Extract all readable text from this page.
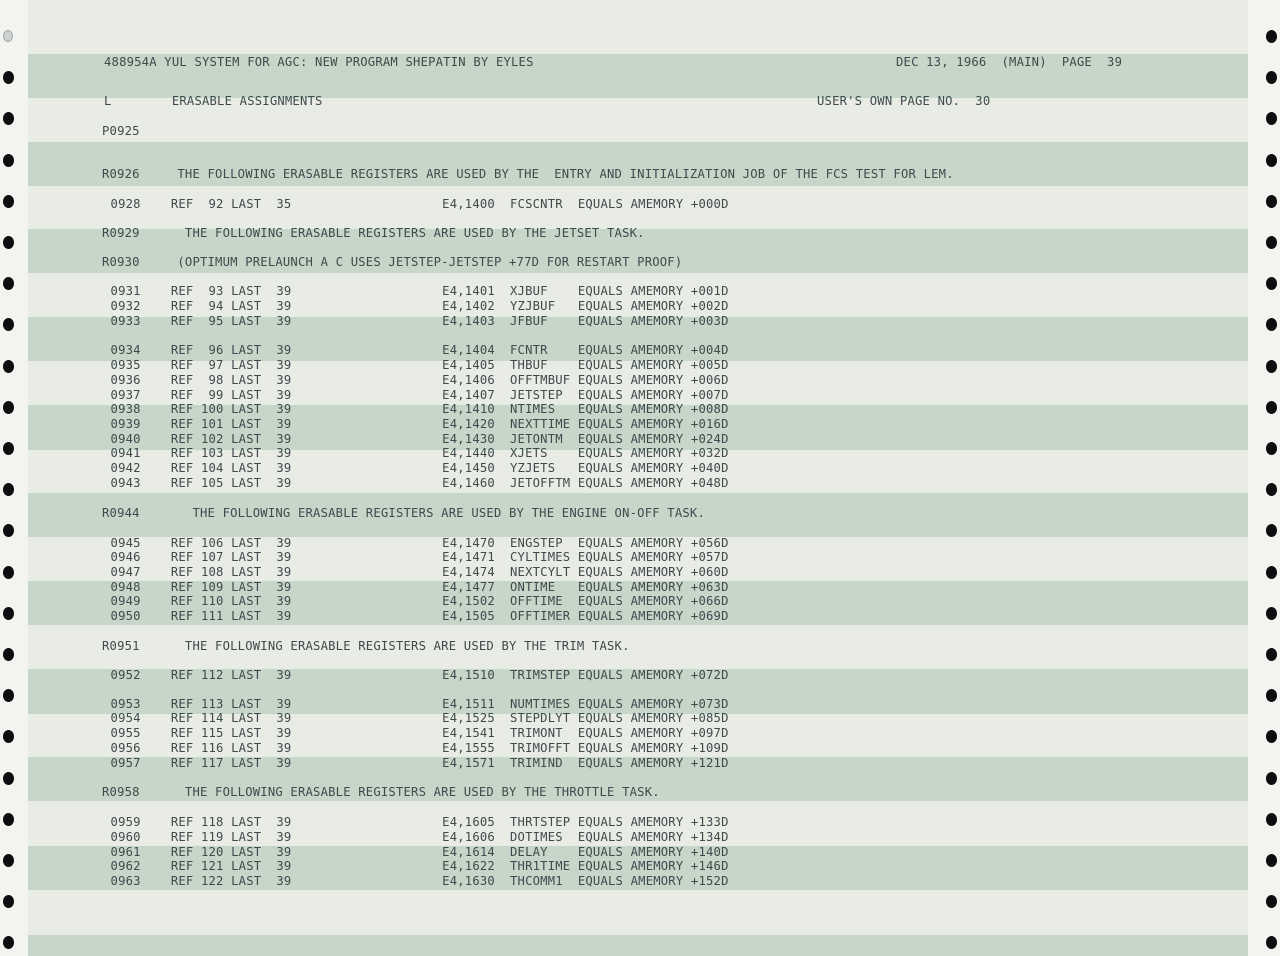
488954A YUL SYSTEM FOR AGC: NEW PROGRAM SHEPATIN BY EYLES	DEC 13, 1966  (MAIN)  PAGE  39
L        ERASABLE ASSIGNMENTS	USER'S OWN PAGE NO.  30
P0925
R0926     THE FOLLOWING ERASABLE REGISTERS ARE USED BY THE  ENTRY AND INITIALIZATION JOB OF THE FCS TEST FOR LEM.
0928    REF  92 LAST  35                    E4,1400  FCSCNTR  EQUALS AMEMORY +000D
R0929      THE FOLLOWING ERASABLE REGISTERS ARE USED BY THE JETSET TASK.
R0930     (OPTIMUM PRELAUNCH A C USES JETSTEP-JETSTEP +77D FOR RESTART PROOF)
0931    REF  93 LAST  39                    E4,1401  XJBUF    EQUALS AMEMORY +001D
0932    REF  94 LAST  39                    E4,1402  YZJBUF   EQUALS AMEMORY +002D
0933    REF  95 LAST  39                    E4,1403  JFBUF    EQUALS AMEMORY +003D
0934    REF  96 LAST  39                    E4,1404  FCNTR    EQUALS AMEMORY +004D
0935    REF  97 LAST  39                    E4,1405  THBUF    EQUALS AMEMORY +005D
0936    REF  98 LAST  39                    E4,1406  OFFTMBUF EQUALS AMEMORY +006D
0937    REF  99 LAST  39                    E4,1407  JETSTEP  EQUALS AMEMORY +007D
0938    REF 100 LAST  39                    E4,1410  NTIMES   EQUALS AMEMORY +008D
0939    REF 101 LAST  39                    E4,1420  NEXTTIME EQUALS AMEMORY +016D
0940    REF 102 LAST  39                    E4,1430  JETONTM  EQUALS AMEMORY +024D
0941    REF 103 LAST  39                    E4,1440  XJETS    EQUALS AMEMORY +032D
0942    REF 104 LAST  39                    E4,1450  YZJETS   EQUALS AMEMORY +040D
0943    REF 105 LAST  39                    E4,1460  JETOFFTM EQUALS AMEMORY +048D
R0944       THE FOLLOWING ERASABLE REGISTERS ARE USED BY THE ENGINE ON-OFF TASK.
0945    REF 106 LAST  39                    E4,1470  ENGSTEP  EQUALS AMEMORY +056D
0946    REF 107 LAST  39                    E4,1471  CYLTIMES EQUALS AMEMORY +057D
0947    REF 108 LAST  39                    E4,1474  NEXTCYLT EQUALS AMEMORY +060D
0948    REF 109 LAST  39                    E4,1477  ONTIME   EQUALS AMEMORY +063D
0949    REF 110 LAST  39                    E4,1502  OFFTIME  EQUALS AMEMORY +066D
0950    REF 111 LAST  39                    E4,1505  OFFTIMER EQUALS AMEMORY +069D
R0951      THE FOLLOWING ERASABLE REGISTERS ARE USED BY THE TRIM TASK.
0952    REF 112 LAST  39                    E4,1510  TRIMSTEP EQUALS AMEMORY +072D
0953    REF 113 LAST  39                    E4,1511  NUMTIMES EQUALS AMEMORY +073D
0954    REF 114 LAST  39                    E4,1525  STEPDLYT EQUALS AMEMORY +085D
0955    REF 115 LAST  39                    E4,1541  TRIMONT  EQUALS AMEMORY +097D
0956    REF 116 LAST  39                    E4,1555  TRIMOFFT EQUALS AMEMORY +109D
0957    REF 117 LAST  39                    E4,1571  TRIMIND  EQUALS AMEMORY +121D
R0958      THE FOLLOWING ERASABLE REGISTERS ARE USED BY THE THROTTLE TASK.
0959    REF 118 LAST  39                    E4,1605  THRTSTEP EQUALS AMEMORY +133D
0960    REF 119 LAST  39                    E4,1606  DOTIMES  EQUALS AMEMORY +134D
0961    REF 120 LAST  39                    E4,1614  DELAY    EQUALS AMEMORY +140D
0962    REF 121 LAST  39                    E4,1622  THR1TIME EQUALS AMEMORY +146D
0963    REF 122 LAST  39                    E4,1630  THCOMM1  EQUALS AMEMORY +152D
